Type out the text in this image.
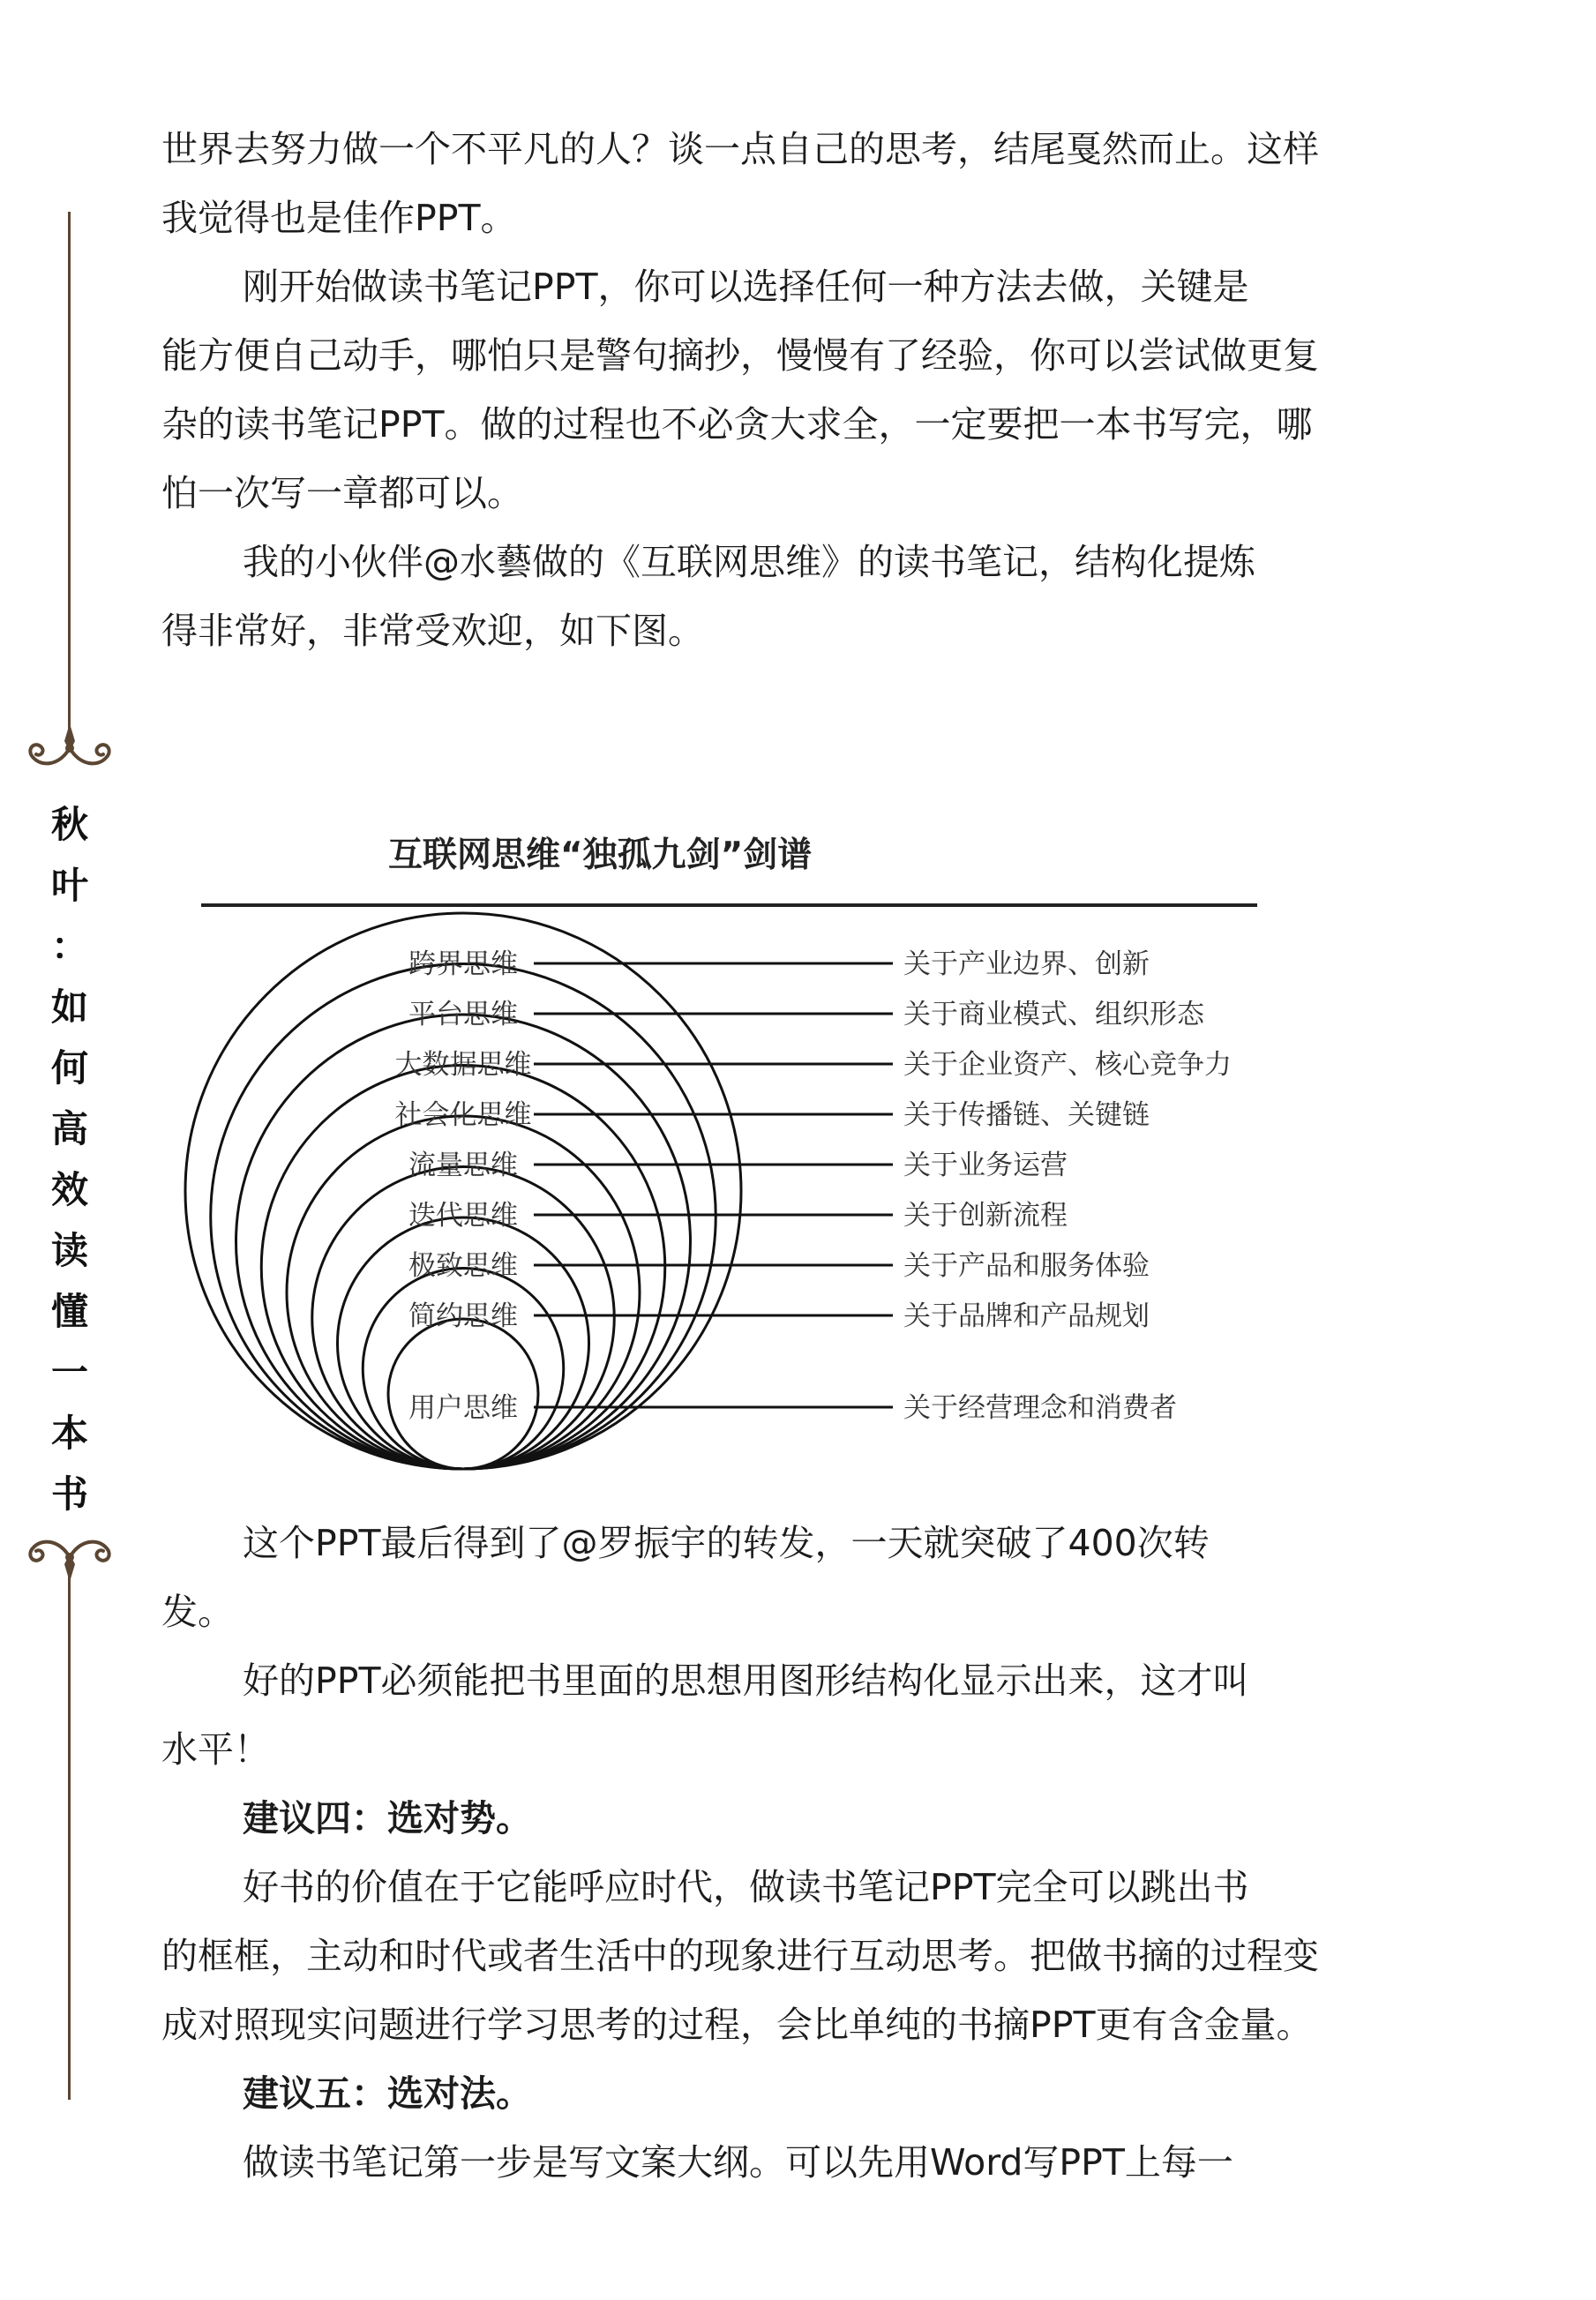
秋
叶
：
如
何
高
效
读
懂
一
本
书
世界去努力做一个不平凡的人？谈一点自己的思考，结尾戛然而止。这样
我觉得也是佳作PPT。
刚开始做读书笔记PPT，你可以选择任何一种方法去做，关键是
能方便自己动手，哪怕只是警句摘抄，慢慢有了经验，你可以尝试做更复
杂的读书笔记PPT。做的过程也不必贪大求全，一定要把一本书写完，哪
怕一次写一章都可以。
我的小伙伴@水藝做的《互联网思维》的读书笔记，结构化提炼
得非常好，非常受欢迎，如下图。
互联网思维“独孤九剑”剑谱
跨界思维	关于产业边界、创新
平台思维	关于商业模式、组织形态
大数据思维	关于企业资产、核心竞争力
社会化思维	关于传播链、关键链
流量思维	关于业务运营
迭代思维	关于创新流程
极致思维	关于产品和服务体验
简约思维	关于品牌和产品规划
用户思维	关于经营理念和消费者
这个PPT最后得到了@罗振宇的转发，一天就突破了400次转
发。
好的PPT必须能把书里面的思想用图形结构化显示出来，这才叫
水平！
建议四：选对势。
好书的价值在于它能呼应时代，做读书笔记PPT完全可以跳出书
的框框，主动和时代或者生活中的现象进行互动思考。把做书摘的过程变
成对照现实问题进行学习思考的过程，会比单纯的书摘PPT更有含金量。
建议五：选对法。
做读书笔记第一步是写文案大纲。可以先用Word写PPT上每一
